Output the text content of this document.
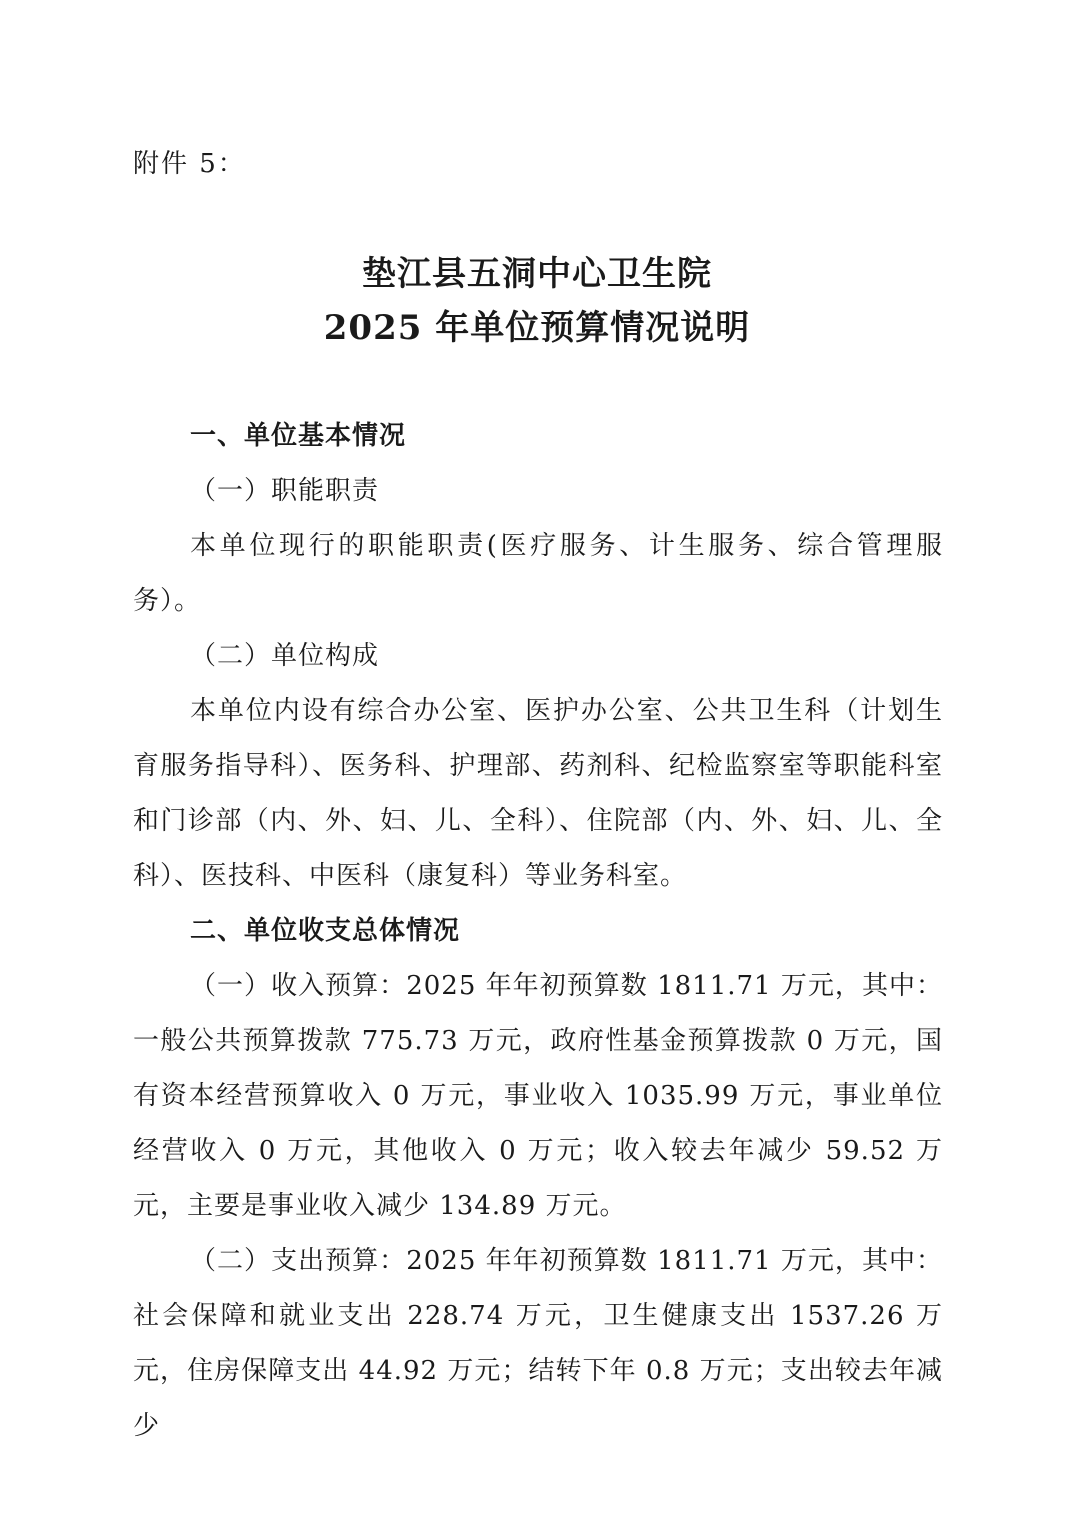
附件 5：
垫江县五洞中心卫生院
2025 年单位预算情况说明
一、单位基本情况
（一）职能职责
本单位现行的职能职责(医疗服务、计生服务、综合管理服务）。
（二）单位构成
本单位内设有综合办公室、医护办公室、公共卫生科（计划生育服务指导科）、医务科、护理部、药剂科、纪检监察室等职能科室和门诊部（内、外、妇、儿、全科）、住院部（内、外、妇、儿、全科）、医技科、中医科（康复科）等业务科室。
二、单位收支总体情况
（一）收入预算：2025 年年初预算数 1811.71 万元，其中：一般公共预算拨款 775.73 万元，政府性基金预算拨款 0 万元，国有资本经营预算收入 0 万元，事业收入 1035.99 万元，事业单位经营收入 0 万元，其他收入 0 万元；收入较去年减少 59.52 万元，主要是事业收入减少 134.89 万元。
（二）支出预算：2025 年年初预算数 1811.71 万元，其中：社会保障和就业支出 228.74 万元，卫生健康支出 1537.26 万元，住房保障支出 44.92 万元；结转下年 0.8 万元；支出较去年减少
